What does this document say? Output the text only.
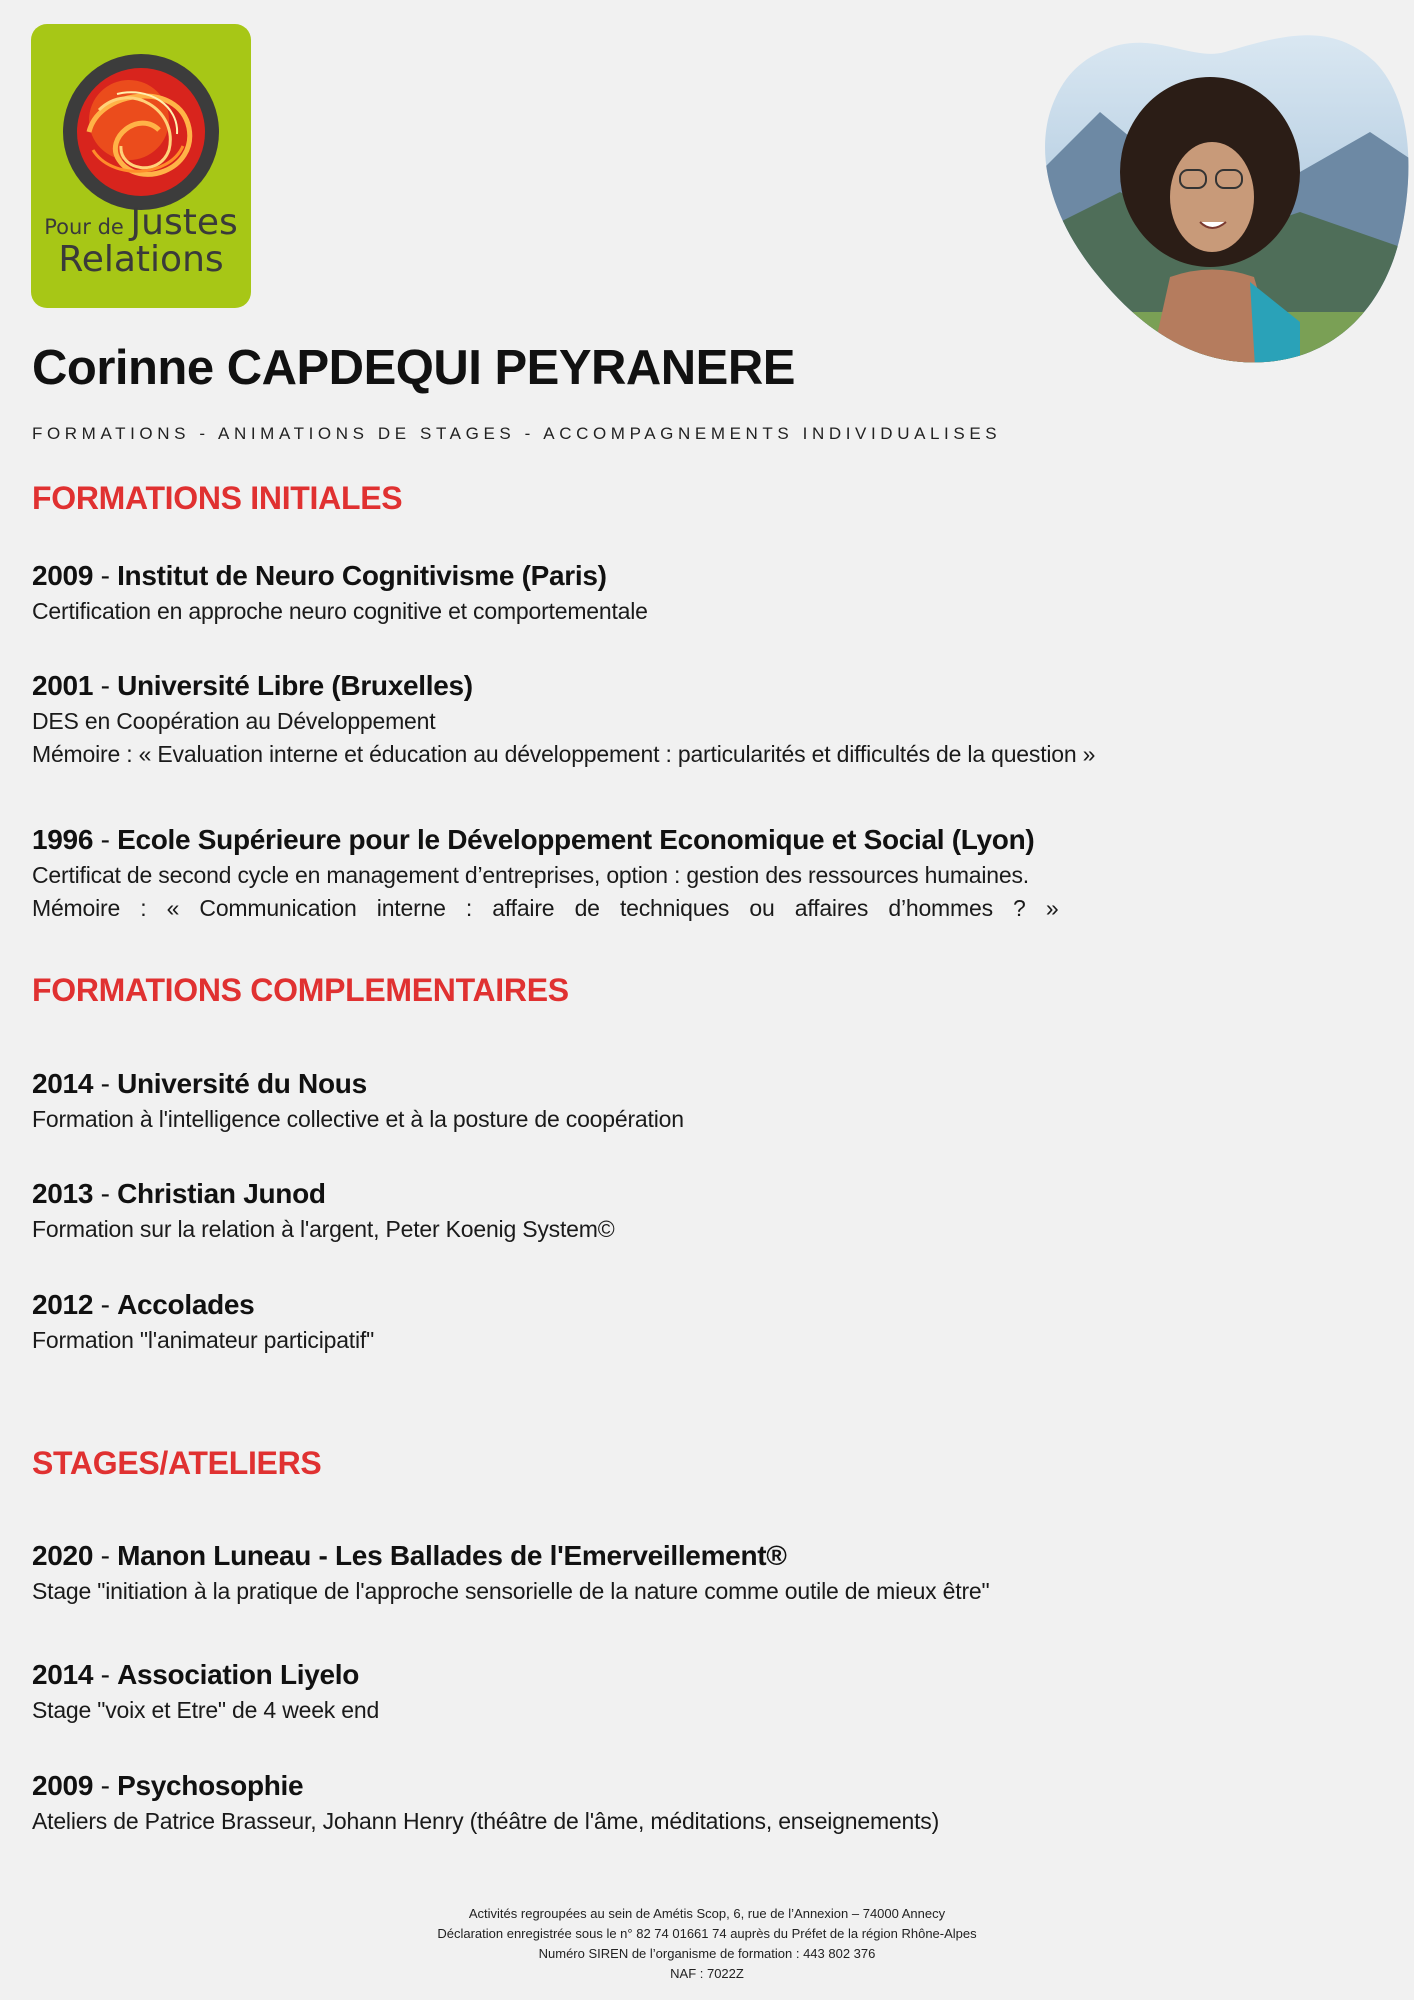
Pour de Justes
Relations
Corinne CAPDEQUI PEYRANERE
FORMATIONS - ANIMATIONS DE STAGES - ACCOMPAGNEMENTS INDIVIDUALISES
FORMATIONS INITIALES
2009 - Institut de Neuro Cognitivisme (Paris)
Certification en approche neuro cognitive et comportementale
2001 - Université Libre (Bruxelles)
DES en Coopération au Développement
Mémoire : « Evaluation interne et éducation au développement : particularités et difficultés de la question »
1996 - Ecole Supérieure pour le Développement Economique et Social (Lyon)
Certificat de second cycle en management d’entreprises, option : gestion des ressources humaines.
Mémoire : « Communication interne : affaire de techniques ou affaires d’hommes ? »
FORMATIONS COMPLEMENTAIRES
2014 - Université du Nous
Formation à l'intelligence collective et à la posture de coopération
2013 - Christian Junod
Formation sur la relation à l'argent, Peter Koenig System©
2012 - Accolades
Formation "l'animateur participatif"
STAGES/ATELIERS
2020 - Manon Luneau - Les Ballades de l'Emerveillement®
Stage "initiation à la pratique de l'approche sensorielle de la nature comme outile de mieux être"
2014 - Association Liyelo
Stage "voix et Etre" de 4 week end
2009 - Psychosophie
Ateliers de Patrice Brasseur, Johann Henry (théâtre de l'âme, méditations, enseignements)
Activités regroupées au sein de Amétis Scop, 6, rue de l’Annexion – 74000 Annecy
Déclaration enregistrée sous le n° 82 74 01661 74 auprès du Préfet de la région Rhône-Alpes
Numéro SIREN de l’organisme de formation : 443 802 376
NAF : 7022Z
